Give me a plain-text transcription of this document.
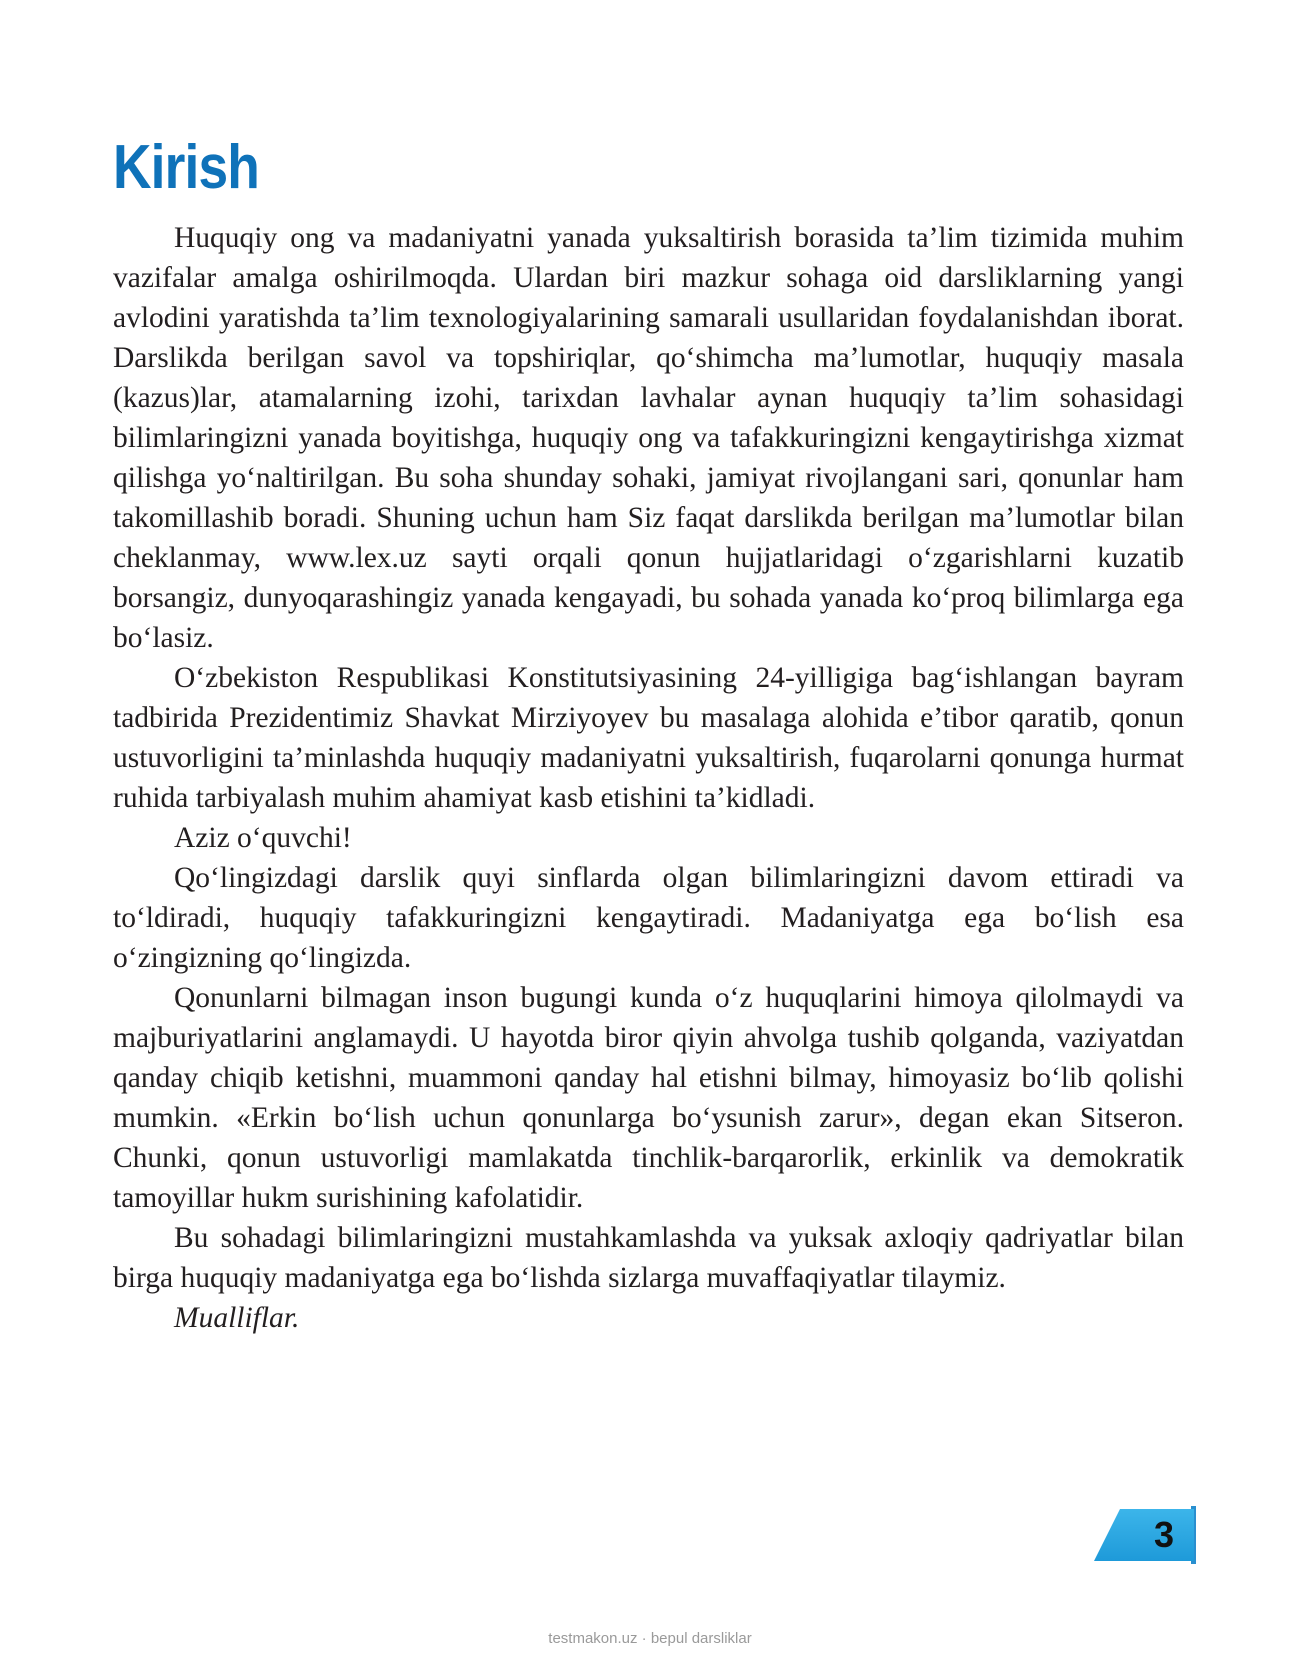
Kirish

Huquqiy ong va madaniyatni yanada yuksaltirish borasida ta’lim tizimida muhim vazifalar amalga oshirilmoqda. Ulardan biri mazkur sohaga oid darsliklarning yangi avlodini yaratishda ta’lim texnologiyalarining samarali usullaridan foydalanishdan iborat. Darslikda berilgan savol va topshiriqlar, qo‘shimcha ma’lumotlar, huquqiy masala (kazus)lar, atamalarning izohi, tarixdan lavhalar aynan huquqiy ta’lim sohasidagi bilimlaringizni yanada boyitishga, huquqiy ong va tafakkuringizni kengaytirishga xizmat qilishga yo‘naltirilgan. Bu soha shunday sohaki, jamiyat rivojlangani sari, qonunlar ham takomillashib boradi. Shuning uchun ham Siz faqat darslikda berilgan ma’lumotlar bilan cheklanmay, www.lex.uz sayti orqali qonun hujjatlaridagi o‘zgarishlarni kuzatib borsangiz, dunyoqarashingiz yanada kengayadi, bu sohada yanada ko‘proq bilimlarga ega bo‘lasiz.

O‘zbekiston Respublikasi Konstitutsiyasining 24-yilligiga bag‘ishlangan bayram tadbirida Prezidentimiz Shavkat Mirziyoyev bu masalaga alohida e’tibor qaratib, qonun ustuvorligini ta’minlashda huquqiy madaniyatni yuksaltirish, fuqarolarni qonunga hurmat ruhida tarbiyalash muhim ahamiyat kasb etishini ta’kidladi.

Aziz o‘quvchi!

Qo‘lingizdagi darslik quyi sinflarda olgan bilimlaringizni davom ettiradi va to‘ldiradi, huquqiy tafakkuringizni kengaytiradi. Madaniyatga ega bo‘lish esa o‘zingizning qo‘lingizda.

Qonunlarni bilmagan inson bugungi kunda o‘z huquqlarini himoya qilolmaydi va majburiyatlarini anglamaydi. U hayotda biror qiyin ahvolga tushib qolganda, vaziyatdan qanday chiqib ketishni, muammoni qanday hal etishni bilmay, himoyasiz bo‘lib qolishi mumkin. «Erkin bo‘lish uchun qonunlarga bo‘ysunish zarur», degan ekan Sitseron. Chunki, qonun ustuvorligi mamlakatda tinchlik-barqarorlik, erkinlik va demokratik tamoyillar hukm surishining kafolatidir.

Bu sohadagi bilimlaringizni mustahkamlashda va yuksak axloqiy qadriyatlar bilan birga huquqiy madaniyatga ega bo‘lishda sizlarga muvaffaqiyatlar tilaymiz.

Mualliflar.

3
testmakon.uz · bepul darsliklar
